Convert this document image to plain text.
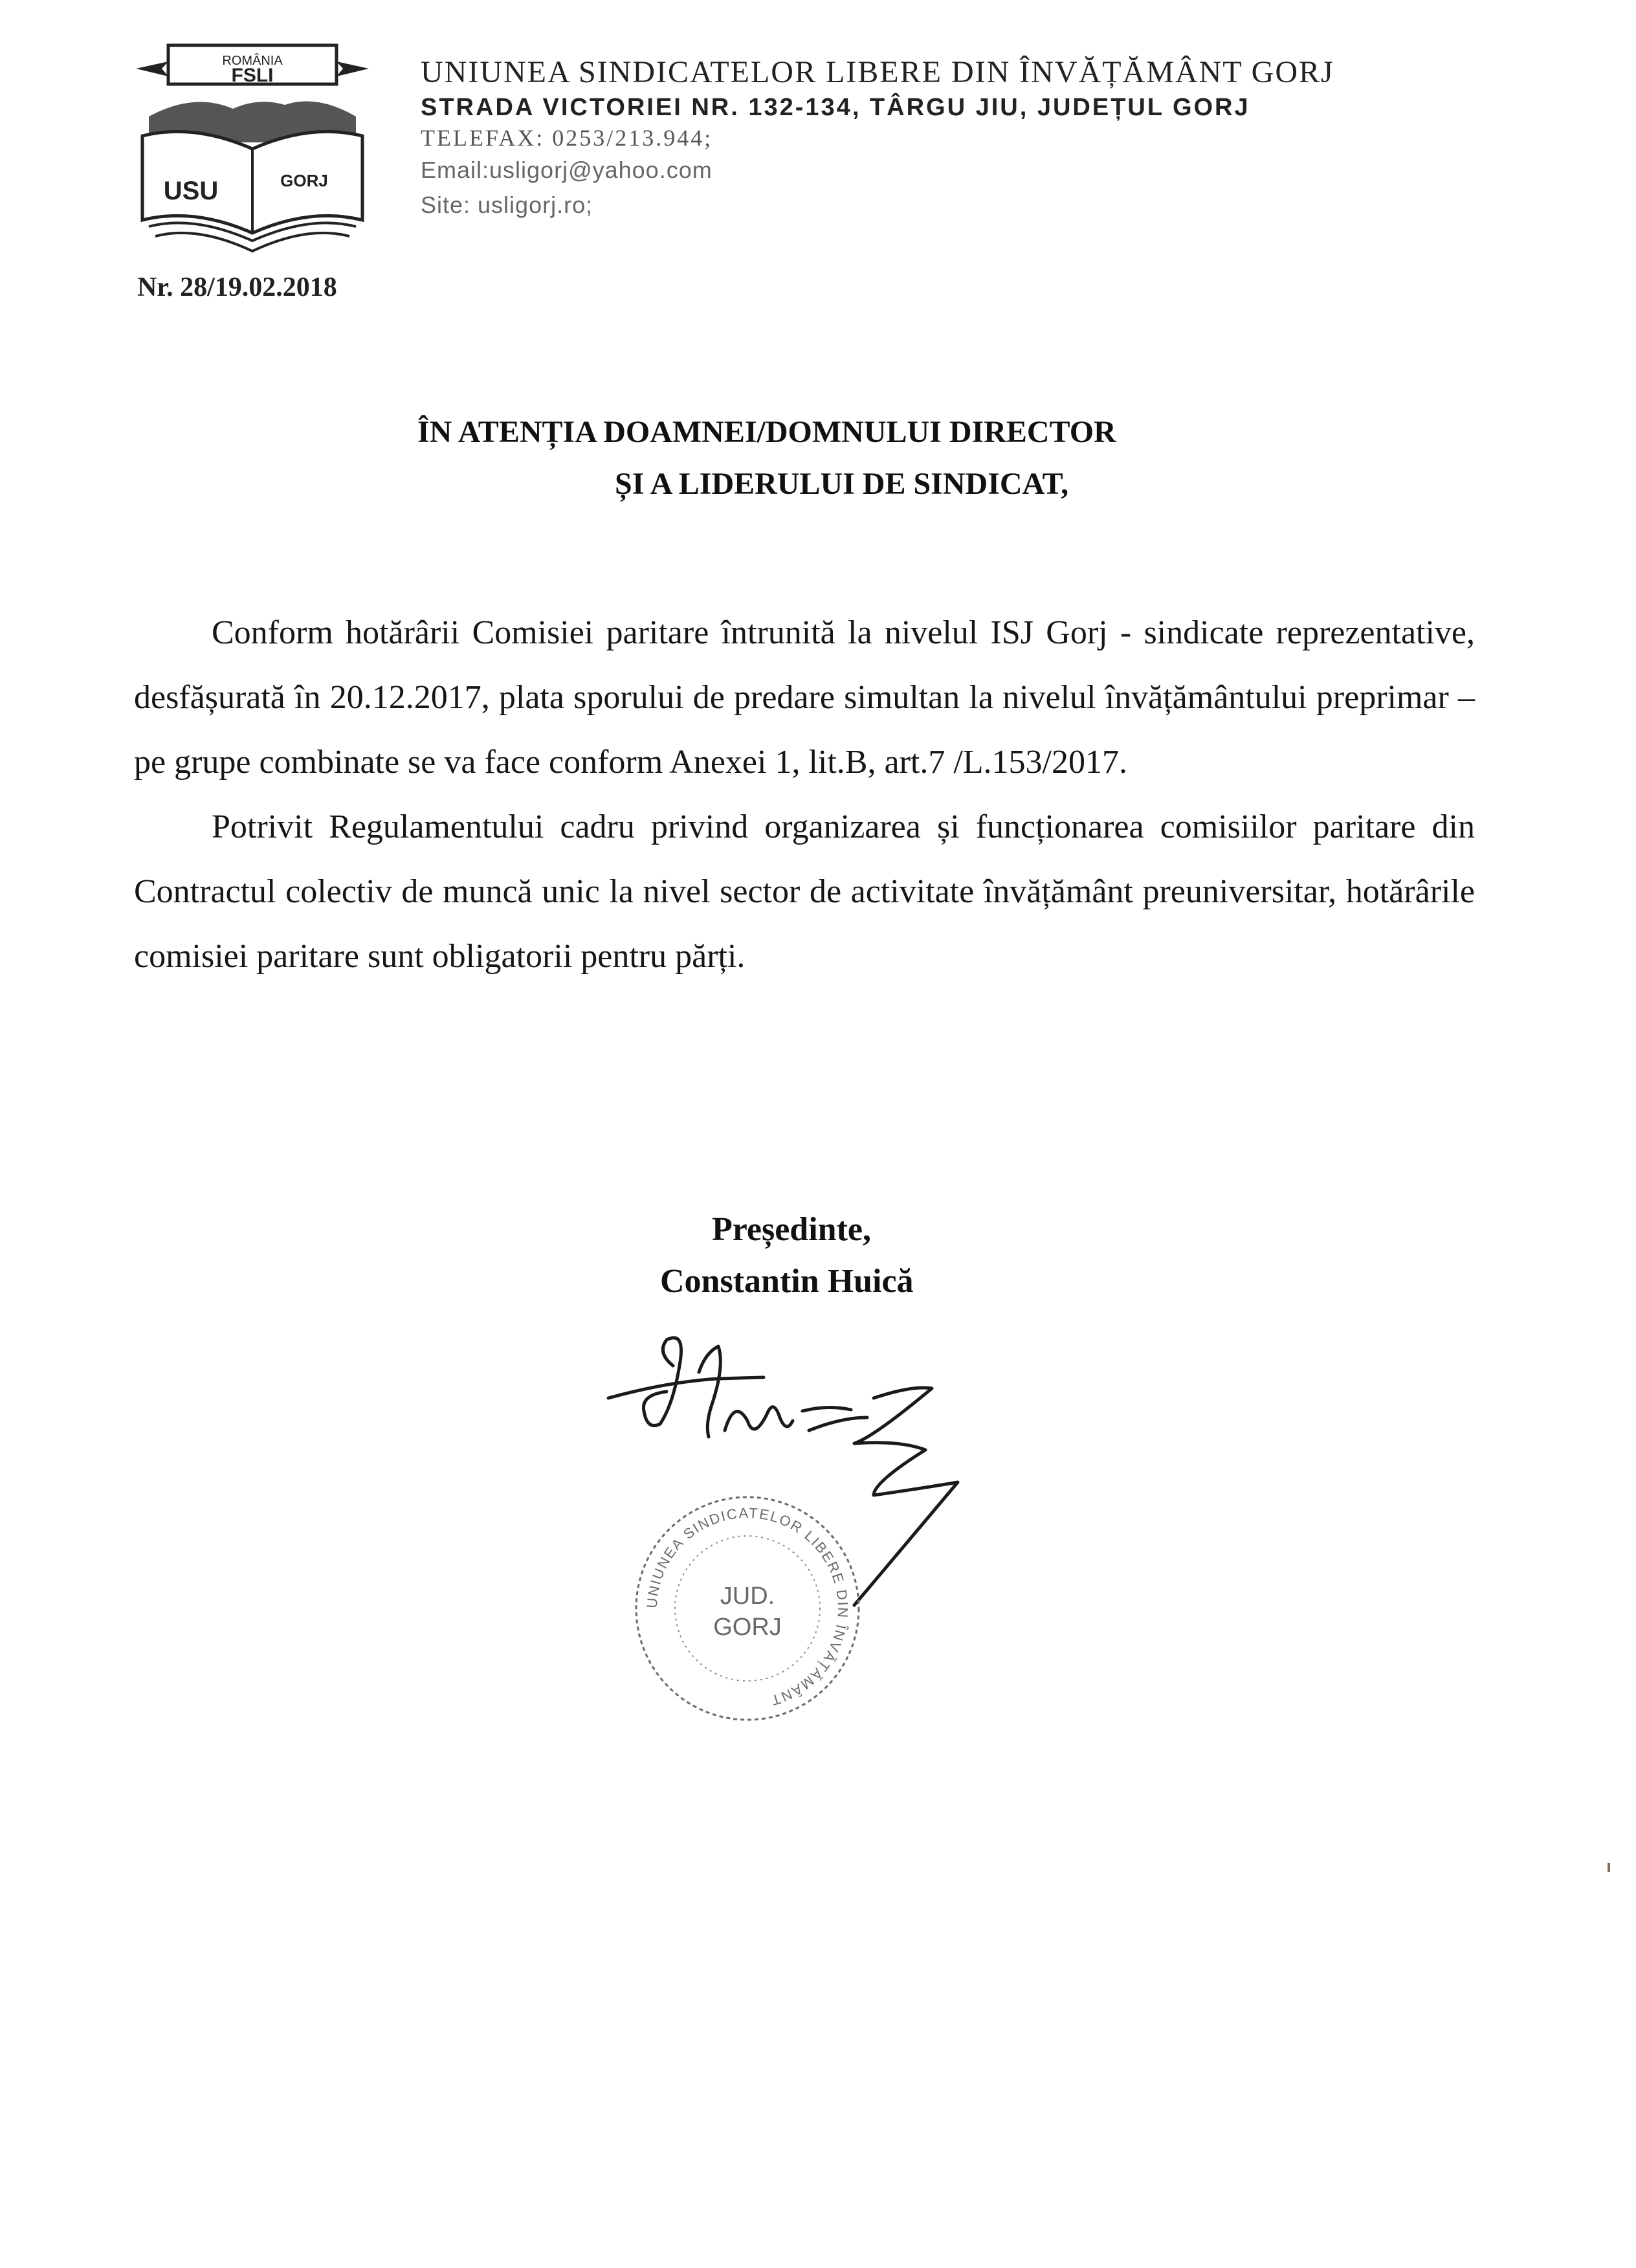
ROMÂNIA
FSLI
USU	GORJ
UNIUNEA SINDICATELOR LIBERE DIN ÎNVĂȚĂMÂNT GORJ
STRADA VICTORIEI NR. 132-134, TÂRGU JIU, JUDEȚUL GORJ
TELEFAX: 0253/213.944;
Email:usligorj@yahoo.com
Site: usligorj.ro;
Nr. 28/19.02.2018
ÎN ATENȚIA DOAMNEI/DOMNULUI DIRECTOR
ȘI A LIDERULUI DE SINDICAT,

Conform hotărârii Comisiei paritare întrunită la nivelul ISJ Gorj - sindicate reprezentative, desfășurată în 20.12.2017, plata sporului de predare simultan la nivelul învățământului preprimar – pe grupe combinate se va face conform Anexei 1, lit.B, art.7 /L.153/2017.

Potrivit Regulamentului cadru privind organizarea și funcționarea comisiilor paritare din Contractul colectiv de muncă unic la nivel sector de activitate învățământ preuniversitar, hotărârile comisiei paritare sunt obligatorii pentru părți.

Președinte,
Constantin Huică
UNIUNEA SINDICATELOR LIBERE DIN ÎNVĂȚĂMÂNT
JUD.
GORJ
